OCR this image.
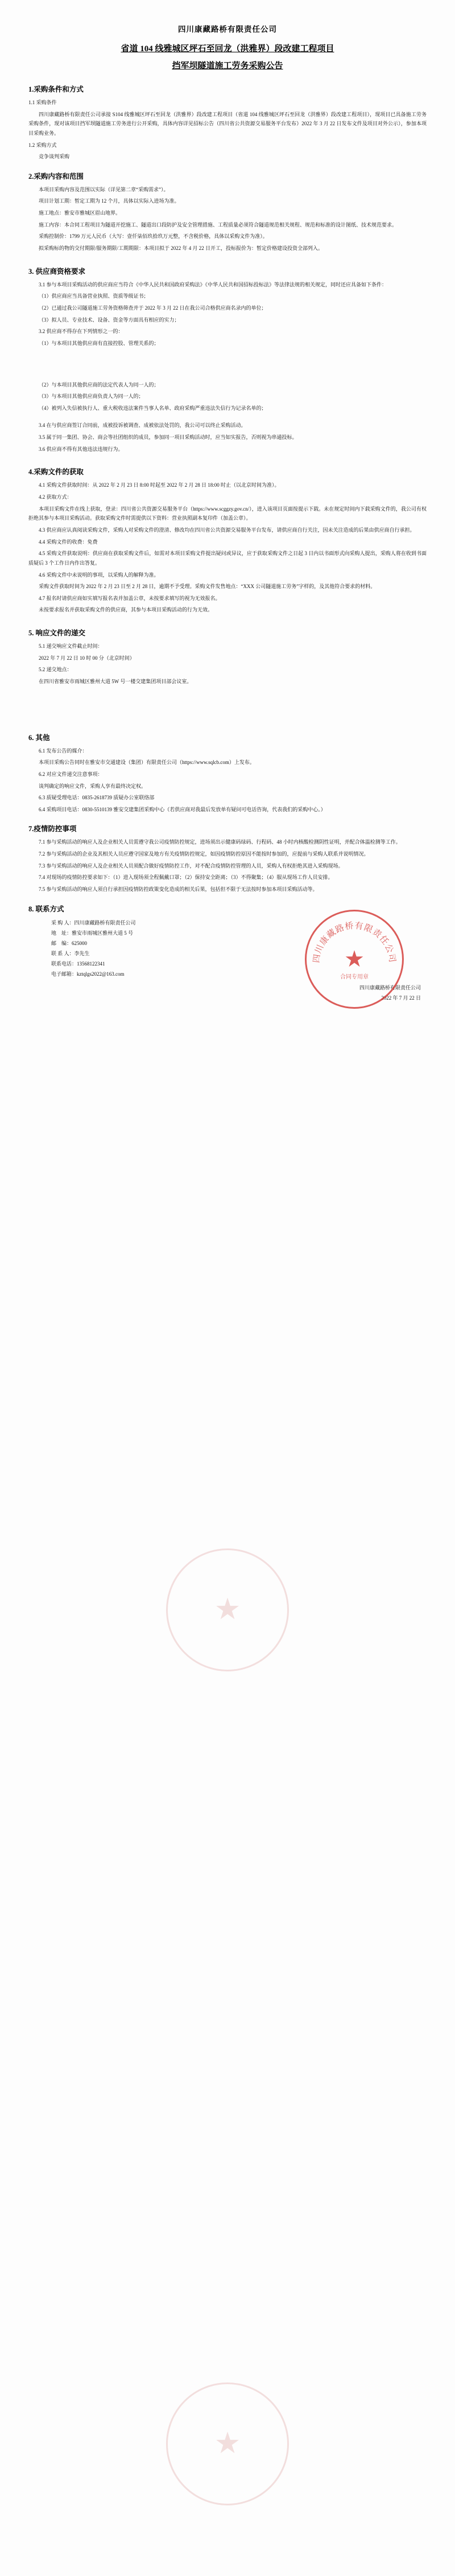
四川康藏路桥有限责任公司
省道 104 线雅城区坪石至回龙（洪雅界）段改建工程项目
挡军坝隧道施工劳务采购公告
1.采购条件和方式

1.1 采购条件

四川康藏路桥有限责任公司承接 S104 线雅城区坪石至回龙（洪雅界）段改建工程项目（省道 104 线雅城区坪石至回龙（洪雅界）段改建工程项目），现项目已具备施工劳务采购条件，现对该项目挡军坝隧道施工劳务进行公开采购，具体内容详见招标公告（四川省公共资源交易服务平台发布）2022 年 3 月 22 日发布文件及项目对外公示），参加本项目采购业务。

1.2 采购方式

竞争谈判采购

2.采购内容和范围

本项目采购内容及范围以实际（详见第二章“采购需求”）。

项目计划工期：暂定工期为 12 个月，具体以实际入进场为准。

施工地点：雅安市雅城区眉山地界。

施工内容：本合同工程项目为隧道开挖施工、隧道出口段防护及安全管理措施、工程质量必须符合隧道规范相关规程、规范和标准的设计图纸、技术规范要求。

采购控制价：1799 万元人民币（大写：壹仟柒佰玖拾玖万元整，不含税价格，具体以采购文件为准）。

拟采购标的物的交付期限/服务期限/工期期限：本项目拟于 2022 年 4 月 22 日开工，投标报价为：暂定价格建设投资全部列入。

3. 供应商资格要求

3.1 参与本项目采购活动的供应商应当符合《中华人民共和国政府采购法》《中华人民共和国招标投标法》等法律法规的相关规定，同时还应具备如下条件：

（1）供应商应当具备营业执照、资质等级证书；

（2）已通过我公司隧道施工劳务资格筛查并于 2022 年 3 月 22 日在我公司合格供应商名录内的单位；

（3）拟人员、专业技术、设备、资金等方面具有相应的实力；

3.2 供应商不得存在下列情形之一的：

（1）与本项目其他供应商有直接控股、管理关系的；

（2）与本项目其他供应商的法定代表人为同一人的；

（3）与本项目其他供应商负责人为同一人的；

（4）被列入失信被执行人、重大税收违法案件当事人名单、政府采购严重违法失信行为记录名单的；

3.4 在与供应商签订合同前，成被投诉被调查、成被依法处罚的，我公司可以终止采购活动。

3.5 属于同一集团、协会、商会等社团组织的成员，参加同一项目采购活动时，应当如实报告，否则视为串通投标。

3.6 供应商不得有其他违法违规行为。

4.采购文件的获取

4.1 采购文件获取时间：从 2022 年 2 月 23 日 8:00 时起至 2022 年 2 月 28 日 18:00 时止（以北京时间为准）。

4.2 获取方式：

本项目采购文件在线上获取，登录：四川省公共资源交易服务平台（https://www.scggzy.gov.cn/），进入该项目页面按提示下载。未在规定时间内下载采购文件的，我公司有权拒绝其参与本项目采购活动。获取采购文件时需提供以下资料：营业执照副本复印件（加盖公章）。

4.3 供应商应认真阅读采购文件，采购人对采购文件的澄清、修改均在四川省公共资源交易服务平台发布，请供应商自行关注，因未关注造成的后果由供应商自行承担。

4.4 采购文件的收费：免费

4.5 采购文件获取说明：供应商在获取采购文件后，如需对本项目采购文件提出疑问或异议，应于获取采购文件之日起 3 日内以书面形式向采购人提出，采购人将在收到书面质疑后 3 个工作日内作出答复。

4.6 采购文件中未说明的事项，以采购人的解释为准。

采购文件获取时间为 2022 年 2 月 23 日至 2 月 28 日，逾期不予受理。采购文件发售地点：“XXX 公司隧道施工劳务”字样的，及其他符合要求的材料。

4.7 报名时请供应商如实填写报名表并加盖公章，未按要求填写的视为无效报名。

未按要求报名并获取采购文件的供应商，其参与本项目采购活动的行为无效。

5. 响应文件的递交

5.1 递交响应文件截止时间：

2022 年 7 月 22 日 10 时 00 分（北京时间）

5.2 递交地点：

在四川省雅安市雨城区雅州大道 5W 号一楼交建集团项目部会议室。

6. 其他

6.1 发布公告的媒介：

本项目采购公告同时在雅安市交通建设（集团）有限责任公司（https://www.sqlcb.com）上发布。

6.2 对应文件递交注意事项：

谈判确定的响应文件，采购人享有最终决定权。

6.3 质疑受理电话：0835-2618739 质疑办公室联络部

6.4 采购项目电话：0830-5510139 雅安交建集团采购中心（若供应商对我最后发放单有疑问可电话咨询，代表我们的采购中心。）

7.疫情防控事项

7.1 参与采购活动的响应人及企业相关人员需遵守我公司疫情防控规定，进场须出示健康码绿码、行程码、48 小时内核酸检测阴性证明，并配合体温检测等工作。

7.2 参与采购活动的企业及其相关人员应遵守国家及地方有关疫情防控规定，如因疫情防控原因不能按时参加的，应提前与采购人联系并说明情况。

7.3 参与采购活动的响应人及企业相关人员须配合做好疫情防控工作，对不配合疫情防控管理的人员，采购人有权拒绝其进入采购现场。

7.4 对现场的疫情防控要求如下：（1）进入现场须全程佩戴口罩；（2）保持安全距离；（3）不得聚集；（4）服从现场工作人员安排。

7.5 参与采购活动的响应人须自行承担因疫情防控政策变化造成的相关后果，包括但不限于无法按时参加本项目采购活动等。

8. 联系方式
采 购 人：四川康藏路桥有限责任公司
地    址：雅安市雨城区雅州大道 5 号
邮    编：625000
联 系 人：李先生
联系电话：13568122341
电子邮箱：kztqlgs2022@163.com
四川康藏路桥有限责任公司
2022 年 7 月 22 日
四川康藏路桥有限责任公司
★
合同专用章
★
★
